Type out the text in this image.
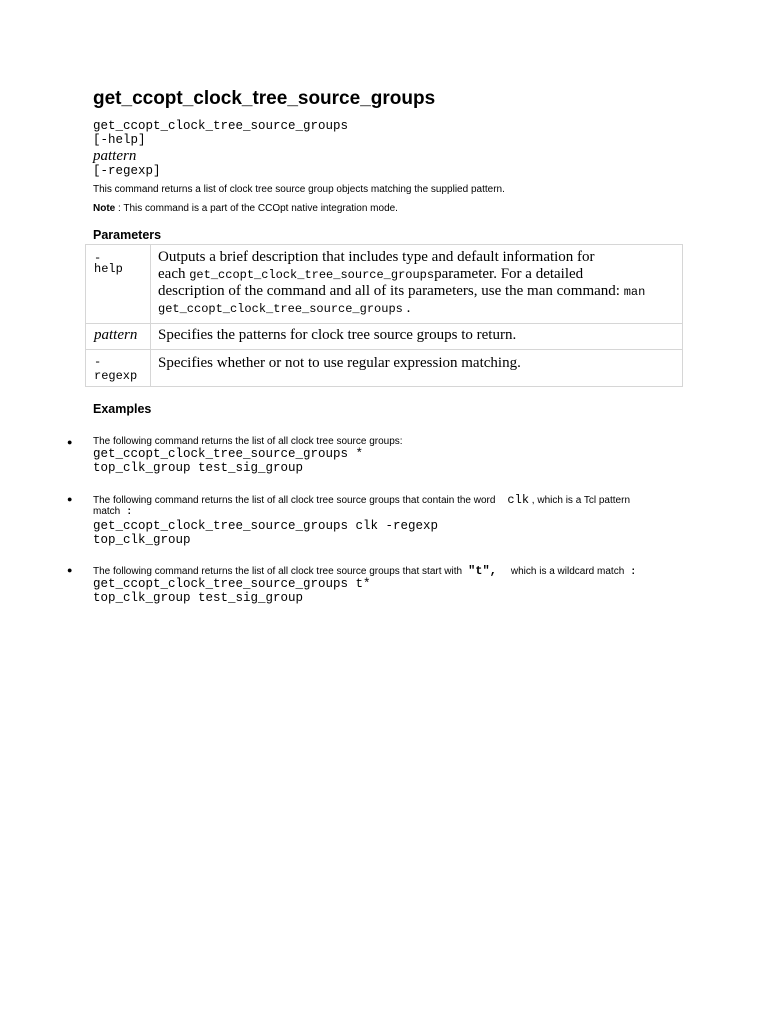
get_ccopt_clock_tree_source_groups
get_ccopt_clock_tree_source_groups
[-help]
pattern
[-regexp]
This command returns a list of clock tree source group objects matching the supplied pattern.
Note : This command is a part of the CCOpt native integration mode.
Parameters
-
help
Outputs a brief description that includes type and default information for
each get_ccopt_clock_tree_source_groupsparameter. For a detailed
description of the command and all of its parameters, use the man command: man
get_ccopt_clock_tree_source_groups .
pattern Specifies the patterns for clock tree source groups to return.
-
regexp
Specifies whether or not to use regular expression matching.
Examples
● The following command returns the list of all clock tree source groups:
get_ccopt_clock_tree_source_groups *
top_clk_group test_sig_group
● The following command returns the list of all clock tree source groups that contain the word clk , which is a Tcl pattern
match :
get_ccopt_clock_tree_source_groups clk -regexp
top_clk_group
● The following command returns the list of all clock tree source groups that start with "t", which is a wildcard match :
get_ccopt_clock_tree_source_groups t*
top_clk_group test_sig_group
